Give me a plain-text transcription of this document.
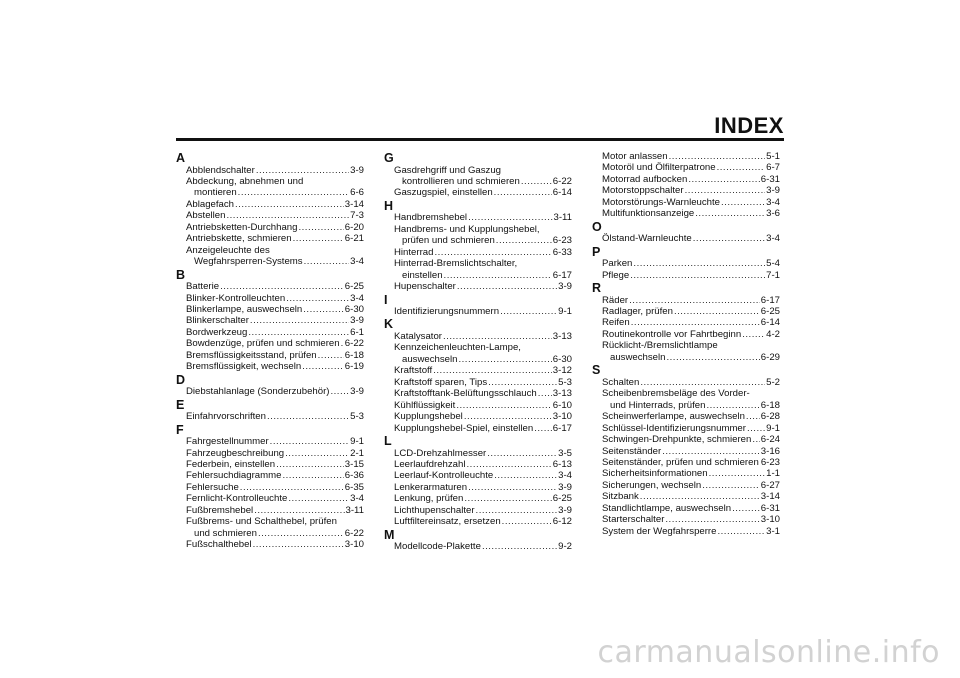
INDEX
A
Abblendschalter .....	3-9
Abdeckung, abnehmen und
montieren .....	6-6
Ablagefach .....	3-14
Abstellen .....	7-3
Antriebsketten-Durchhang .....	6-20
Antriebskette, schmieren .....	6-21
Anzeigeleuchte des
Wegfahrsperren-Systems .....	3-4
B
Batterie .....	6-25
Blinker-Kontrolleuchten .....	3-4
Blinkerlampe, auswechseln .....	6-30
Blinkerschalter .....	3-9
Bordwerkzeug .....	6-1
Bowdenzüge, prüfen und schmieren ..... 6-22
Bremsflüssigkeitsstand, prüfen .....	6-18
Bremsflüssigkeit, wechseln .....	6-19
D
Diebstahlanlage (Sonderzubehör) ..... 3-9
E
Einfahrvorschriften .....	5-3
F
Fahrgestellnummer .....	9-1
Fahrzeugbeschreibung .....	2-1
Federbein, einstellen .....	3-15
Fehlersuchdiagramme .....	6-36
Fehlersuche .....	6-35
Fernlicht-Kontrolleuchte .....	3-4
Fußbremshebel .....	3-11
Fußbrems- und Schalthebel, prüfen
und schmieren .....	6-22
Fußschalthebel .....	3-10
G
Gasdrehgriff und Gaszug
kontrollieren und schmieren .....	6-22
Gaszugspiel, einstellen .....	6-14
H
Handbremshebel .....	3-11
Handbrems- und Kupplungshebel,
prüfen und schmieren .....	6-23
Hinterrad .....	6-33
Hinterrad-Bremslichtschalter,
einstellen .....	6-17
Hupenschalter .....	3-9
I
Identifizierungsnummern .....	9-1
K
Katalysator .....	3-13
Kennzeichenleuchten-Lampe,
auswechseln .....	6-30
Kraftstoff .....	3-12
Kraftstoff sparen, Tips .....	5-3
Kraftstofftank-Belüftungsschlauch ..... 3-13
Kühlflüssigkeit .....	6-10
Kupplungshebel .....	3-10
Kupplungshebel-Spiel, einstellen ..... 6-17
L
LCD-Drehzahlmesser .....	3-5
Leerlaufdrehzahl .....	6-13
Leerlauf-Kontrolleuchte .....	3-4
Lenkerarmaturen .....	3-9
Lenkung, prüfen .....	6-25
Lichthupenschalter .....	3-9
Luftfiltereinsatz, ersetzen .....	6-12
M
Modellcode-Plakette .....	9-2
Motor anlassen .....	5-1
Motoröl und Ölfilterpatrone .....	6-7
Motorrad aufbocken .....	6-31
Motorstoppschalter .....	3-9
Motorstörungs-Warnleuchte .....	3-4
Multifunktionsanzeige .....	3-6
O
Ölstand-Warnleuchte .....	3-4
P
Parken .....	5-4
Pflege .....	7-1
R
Räder .....	6-17
Radlager, prüfen .....	6-25
Reifen .....	6-14
Routinekontrolle vor Fahrtbeginn .....	4-2
Rücklicht-/Bremslichtlampe
auswechseln .....	6-29
S
Schalten .....	5-2
Scheibenbremsbeläge des Vorder-
und Hinterrads, prüfen .....	6-18
Scheinwerferlampe, auswechseln ..... 6-28
Schlüssel-Identifizierungsnummer ..... 9-1
Schwingen-Drehpunkte, schmieren ..... 6-24
Seitenständer .....	3-16
Seitenständer, prüfen und schmieren 6-23
Sicherheitsinformationen .....	1-1
Sicherungen, wechseln .....	6-27
Sitzbank .....	3-14
Standlichtlampe, auswechseln .....	6-31
Starterschalter .....	3-10
System der Wegfahrsperre .....	3-1
carmanualsonline.info
